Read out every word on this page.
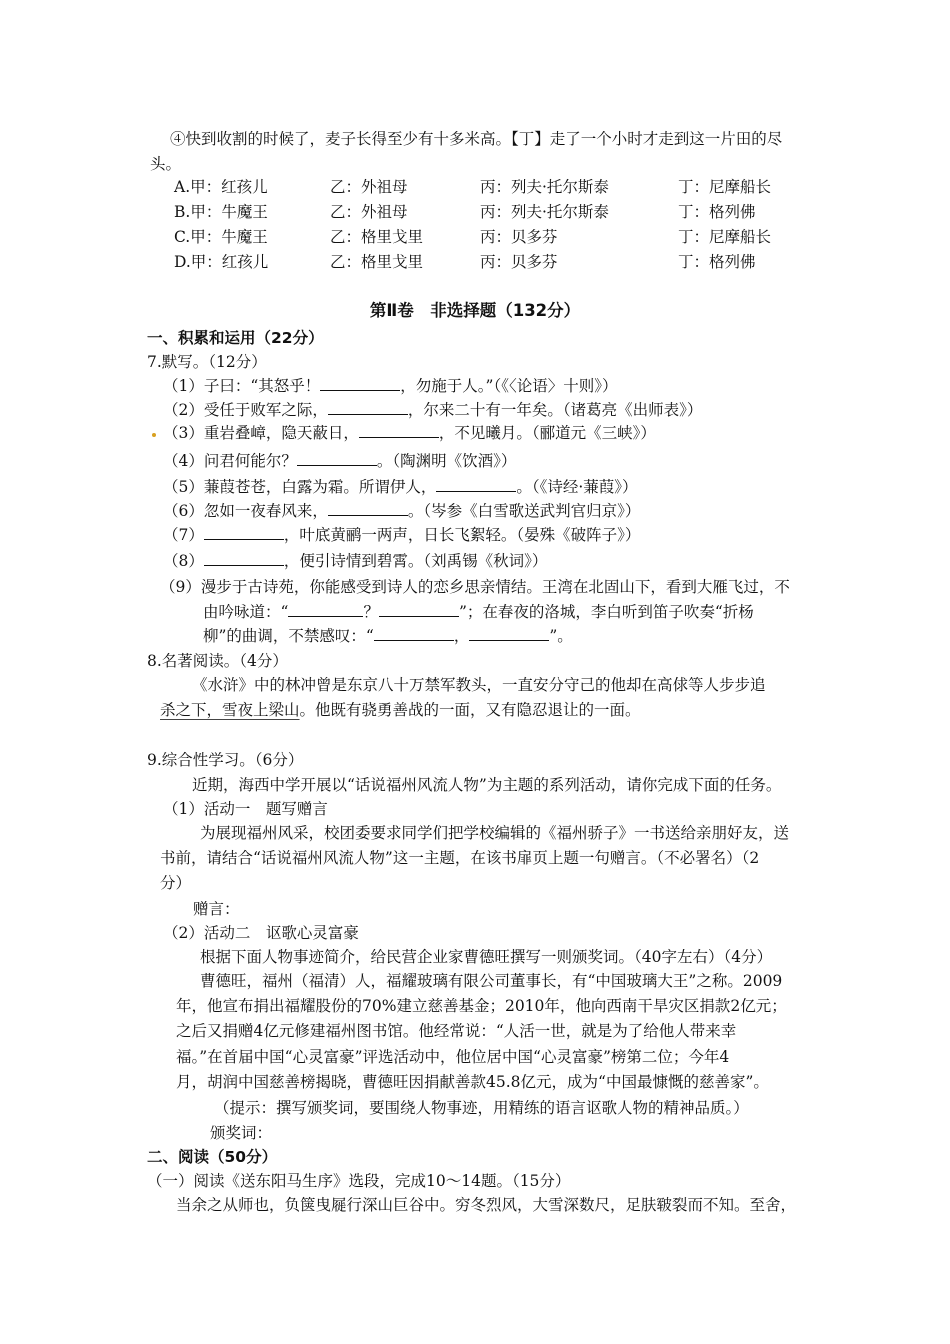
④快到收割的时候了，麦子长得至少有十多米高。【丁】走了一个小时才走到这一片田的尽
头。
A.甲：红孩儿	乙：外祖母	丙：列夫·托尔斯泰	丁：尼摩船长
B.甲：牛魔王	乙：外祖母	丙：列夫·托尔斯泰	丁：格列佛
C.甲：牛魔王	乙：格里戈里	丙：贝多芬	丁：尼摩船长
D.甲：红孩儿	乙：格里戈里	丙：贝多芬	丁：格列佛
第Ⅱ卷　非选择题（132分）
一、积累和运用（22分）
7.默写。（12分）
（1）子曰：“其怒乎！	，勿施于人。”（《〈论语〉十则》）
（2）受任于败军之际，	，尔来二十有一年矣。（诸葛亮《出师表》）
（3）重岩叠嶂，隐天蔽日，	，不见曦月。（郦道元《三峡》）
（4）问君何能尔？	。（陶渊明《饮酒》）
（5）蒹葭苍苍，白露为霜。所谓伊人，	。（《诗经·蒹葭》）
（6）忽如一夜春风来，	。（岑参《白雪歌送武判官归京》）
（7）	，叶底黄鹂一两声，日长飞絮轻。（晏殊《破阵子》）
（8）	，便引诗情到碧霄。（刘禹锡《秋词》）
（9）漫步于古诗苑，你能感受到诗人的恋乡思亲情结。王湾在北固山下，看到大雁飞过，不
由吟咏道：“	？	”；在春夜的洛城，李白听到笛子吹奏“折杨
柳”的曲调，不禁感叹：“	，	”。
8.名著阅读。（4分）
《水浒》中的林冲曾是东京八十万禁军教头，一直安分守己的他却在高俅等人步步追
杀之下，雪夜上梁山。他既有骁勇善战的一面，又有隐忍退让的一面。
9.综合性学习。（6分）
近期，海西中学开展以“话说福州风流人物”为主题的系列活动，请你完成下面的任务。
（1）活动一　题写赠言
为展现福州风采，校团委要求同学们把学校编辑的《福州骄子》一书送给亲朋好友，送
书前，请结合“话说福州风流人物”这一主题，在该书扉页上题一句赠言。（不必署名）（2
分）
赠言：
（2）活动二　讴歌心灵富豪
根据下面人物事迹简介，给民营企业家曹德旺撰写一则颁奖词。（40字左右）（4分）
曹德旺，福州（福清）人，福耀玻璃有限公司董事长，有“中国玻璃大王”之称。2009
年，他宣布捐出福耀股份的70%建立慈善基金；2010年，他向西南干旱灾区捐款2亿元；
之后又捐赠4亿元修建福州图书馆。他经常说：“人活一世，就是为了给他人带来幸
福。”在首届中国“心灵富豪”评选活动中，他位居中国“心灵富豪”榜第二位；今年4
月，胡润中国慈善榜揭晓，曹德旺因捐献善款45.8亿元，成为“中国最慷慨的慈善家”。
（提示：撰写颁奖词，要围绕人物事迹，用精练的语言讴歌人物的精神品质。）
颁奖词：
二、阅读（50分）
（一）阅读《送东阳马生序》选段，完成10～14题。（15分）
当余之从师也，负箧曳屣行深山巨谷中。穷冬烈风，大雪深数尺，足肤皲裂而不知。至舍，
